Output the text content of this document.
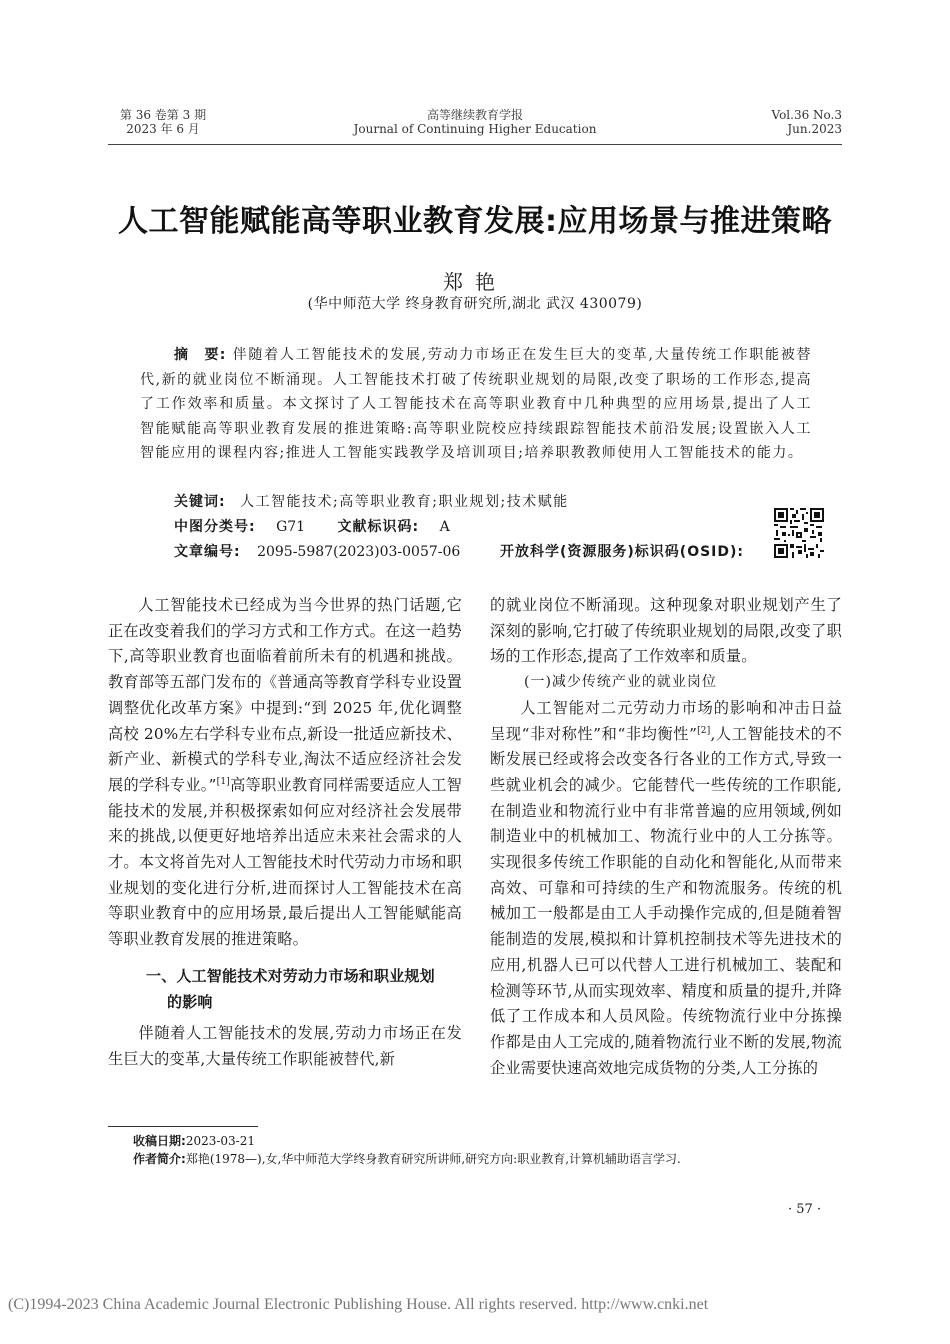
第 36 卷第 3 期
2023 年 6 月
高等继续教育学报
Journal of Continuing Higher Education
Vol.36 No.3
Jun.2023
人工智能赋能高等职业教育发展:应用场景与推进策略
郑艳
(华中师范大学 终身教育研究所,湖北 武汉 430079)
摘　要: 伴随着人工智能技术的发展,劳动力市场正在发生巨大的变革,大量传统工作职能被替代,新的就业岗位不断涌现。人工智能技术打破了传统职业规划的局限,改变了职场的工作形态,提高了工作效率和质量。本文探讨了人工智能技术在高等职业教育中几种典型的应用场景,提出了人工智能赋能高等职业教育发展的推进策略:高等职业院校应持续跟踪智能技术前沿发展;设置嵌入人工智能应用的课程内容;推进人工智能实践教学及培训项目;培养职教教师使用人工智能技术的能力。
关键词: 人工智能技术;高等职业教育;职业规划;技术赋能
中图分类号: G71 文献标识码: A
文章编号: 2095-5987(2023)03-0057-06	开放科学(资源服务)标识码(OSID):

人工智能技术已经成为当今世界的热门话题,它正在改变着我们的学习方式和工作方式。在这一趋势下,高等职业教育也面临着前所未有的机遇和挑战。教育部等五部门发布的《普通高等教育学科专业设置调整优化改革方案》中提到:“到 2025 年,优化调整高校 20%左右学科专业布点,新设一批适应新技术、新产业、新模式的学科专业,淘汰不适应经济社会发展的学科专业。”[1]高等职业教育同样需要适应人工智能技术的发展,并积极探索如何应对经济社会发展带来的挑战,以便更好地培养出适应未来社会需求的人才。本文将首先对人工智能技术时代劳动力市场和职业规划的变化进行分析,进而探讨人工智能技术在高等职业教育中的应用场景,最后提出人工智能赋能高等职业教育发展的推进策略。

一、人工智能技术对劳动力市场和职业规划
的影响

伴随着人工智能技术的发展,劳动力市场正在发生巨大的变革,大量传统工作职能被替代,新

的就业岗位不断涌现。这种现象对职业规划产生了深刻的影响,它打破了传统职业规划的局限,改变了职场的工作形态,提高了工作效率和质量。

(一)减少传统产业的就业岗位

人工智能对二元劳动力市场的影响和冲击日益呈现“非对称性”和“非均衡性”[2],人工智能技术的不断发展已经或将会改变各行各业的工作方式,导致一些就业机会的减少。它能替代一些传统的工作职能,在制造业和物流行业中有非常普遍的应用领域,例如制造业中的机械加工、物流行业中的人工分拣等。实现很多传统工作职能的自动化和智能化,从而带来高效、可靠和可持续的生产和物流服务。传统的机械加工一般都是由工人手动操作完成的,但是随着智能制造的发展,模拟和计算机控制技术等先进技术的应用,机器人已可以代替人工进行机械加工、装配和检测等环节,从而实现效率、精度和质量的提升,并降低了工作成本和人员风险。传统物流行业中分拣操作都是由人工完成的,随着物流行业不断的发展,物流企业需要快速高效地完成货物的分类,人工分拣的

收稿日期:2023-03-21
作者简介:郑艳(1978—),女,华中师范大学终身教育研究所讲师,研究方向:职业教育,计算机辅助语言学习.
· 57 ·
(C)1994-2023 China Academic Journal Electronic Publishing House. All rights reserved. http://www.cnki.net
